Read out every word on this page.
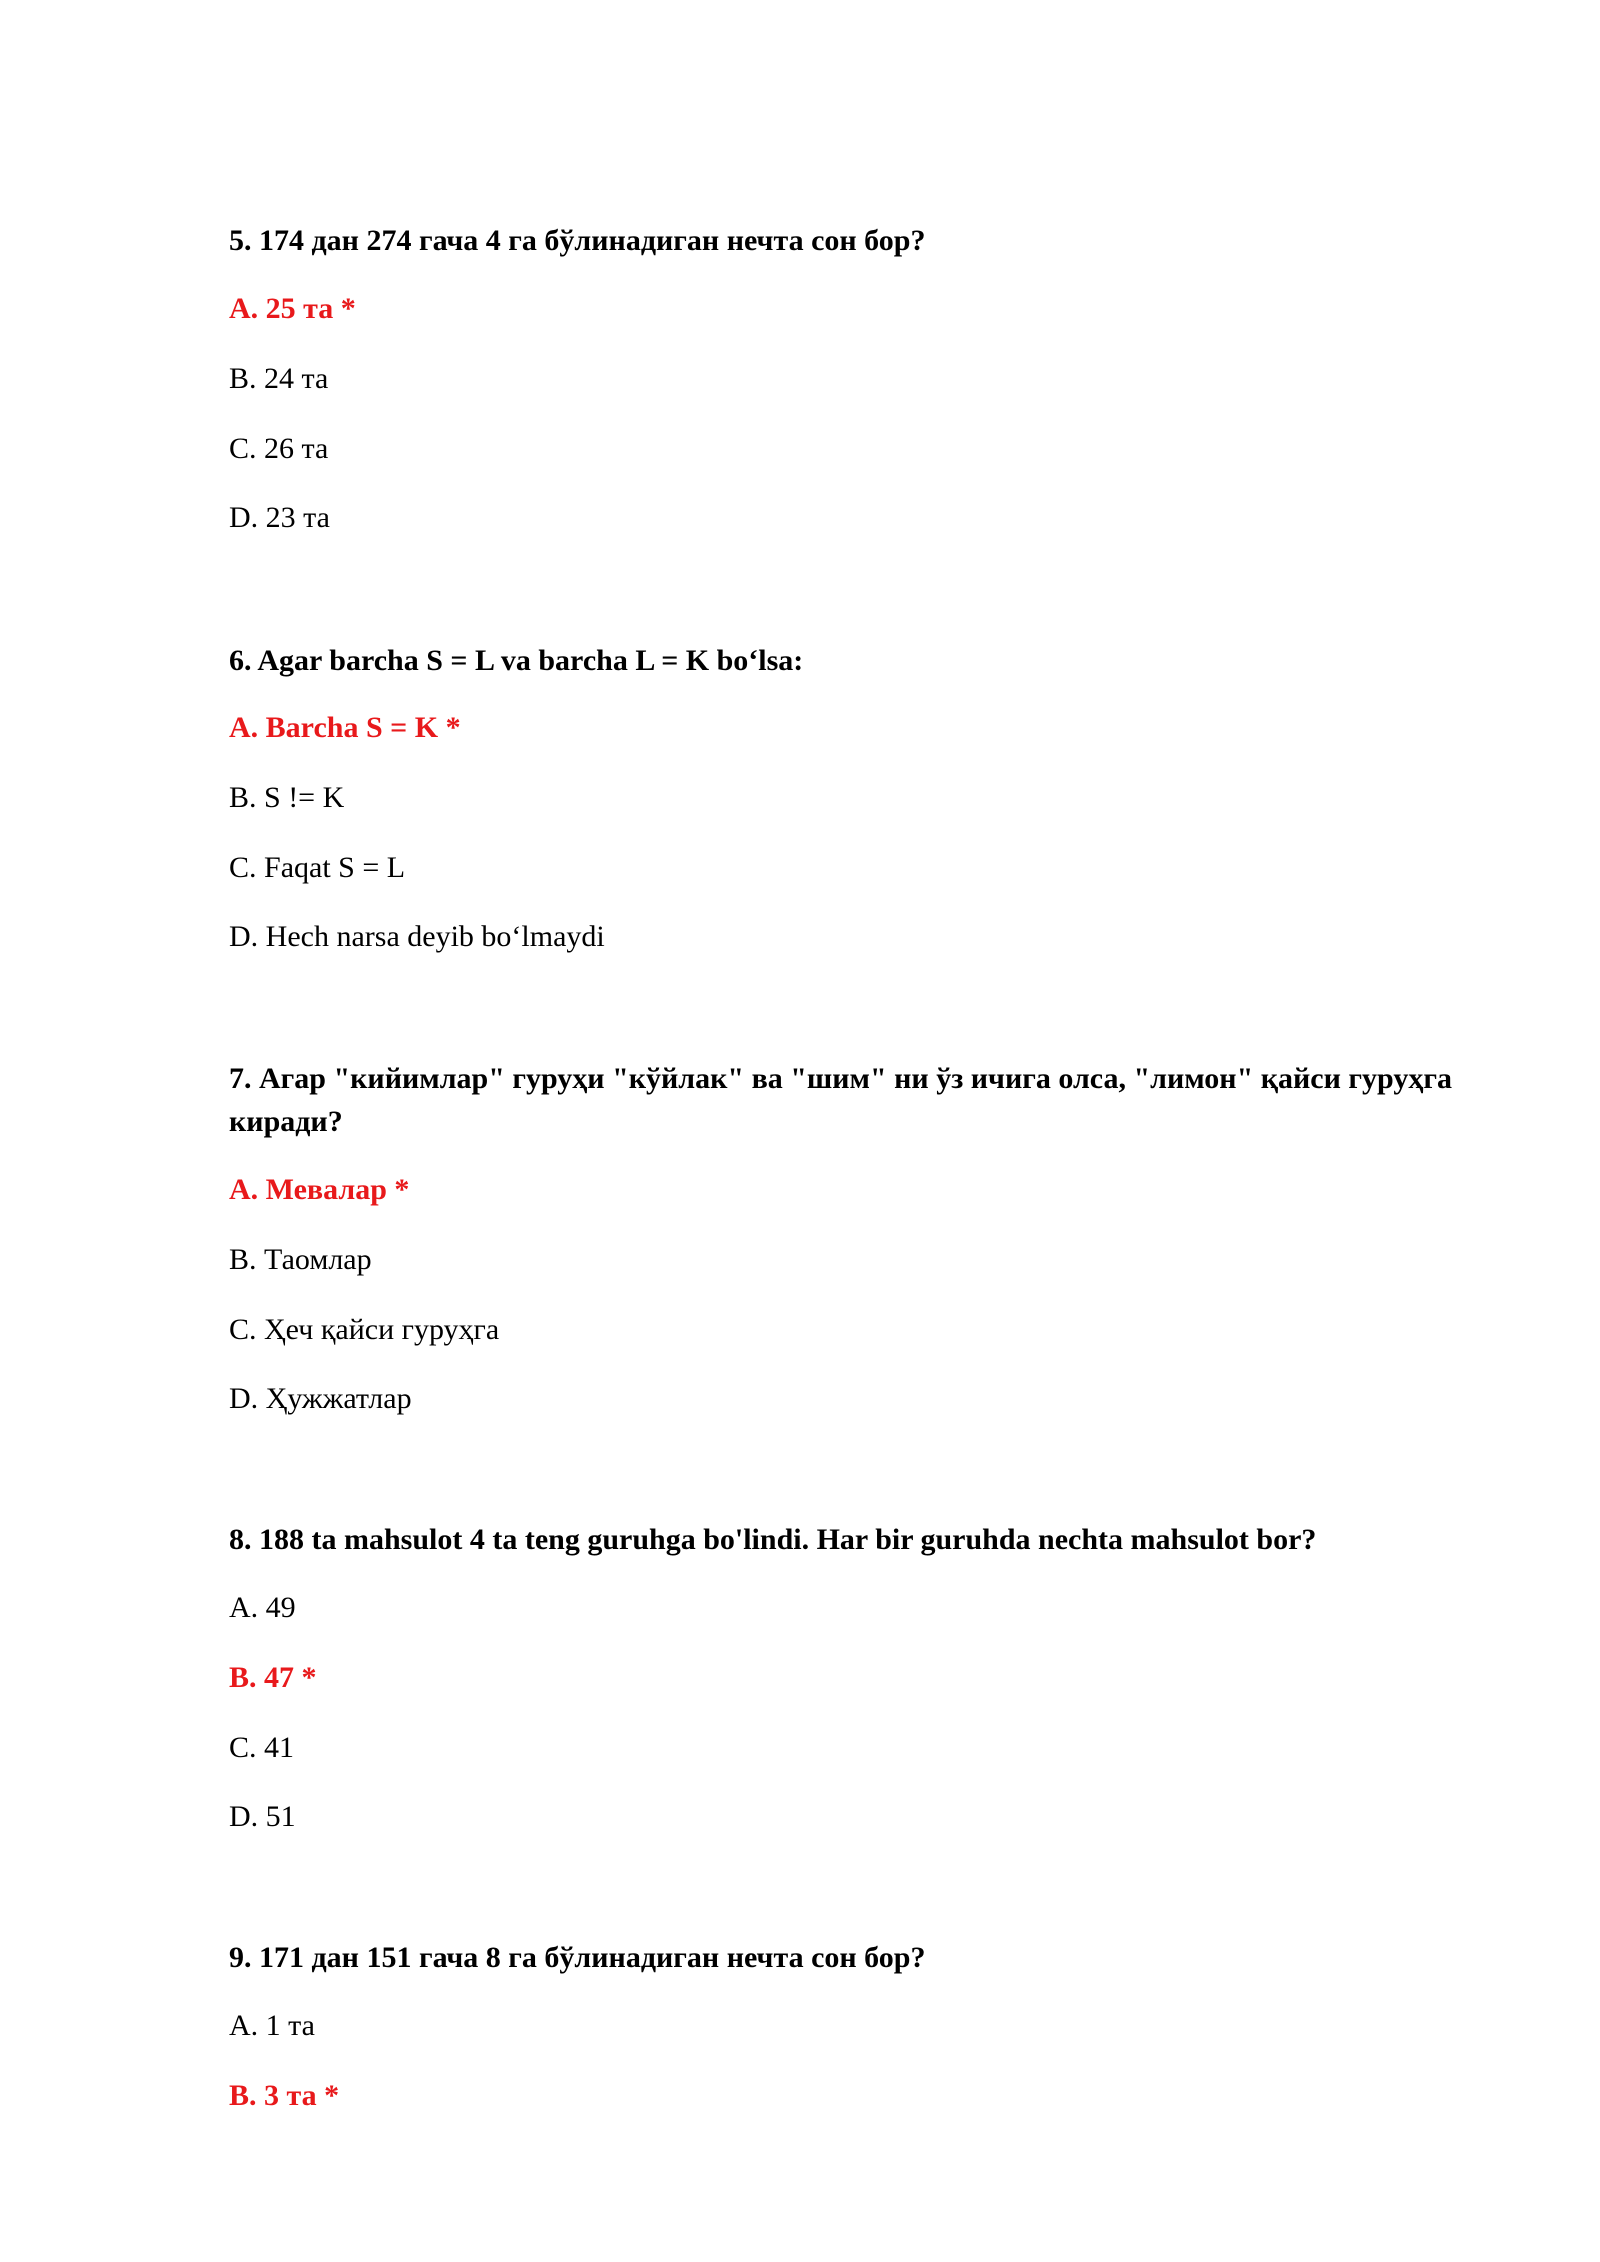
5. 174 дан 274 гача 4 га бўлинадиган нечта сон бор?
A. 25 та *
B. 24 та
C. 26 та
D. 23 та
6. Agar barcha S = L va barcha L = K bo‘lsa:
A. Barcha S = K *
B. S != K
C. Faqat S = L
D. Hech narsa deyib bo‘lmaydi
7. Агар "кийимлар" гуруҳи "кўйлак" ва "шим" ни ўз ичига олса, "лимон" қайси гуруҳга киради?
A. Мевалар *
B. Таомлар
C. Ҳеч қайси гуруҳга
D. Ҳужжатлар
8. 188 ta mahsulot 4 ta teng guruhga bo'lindi. Har bir guruhda nechta mahsulot bor?
A. 49
B. 47 *
C. 41
D. 51
9. 171 дан 151 гача 8 га бўлинадиган нечта сон бор?
A. 1 та
B. 3 та *
